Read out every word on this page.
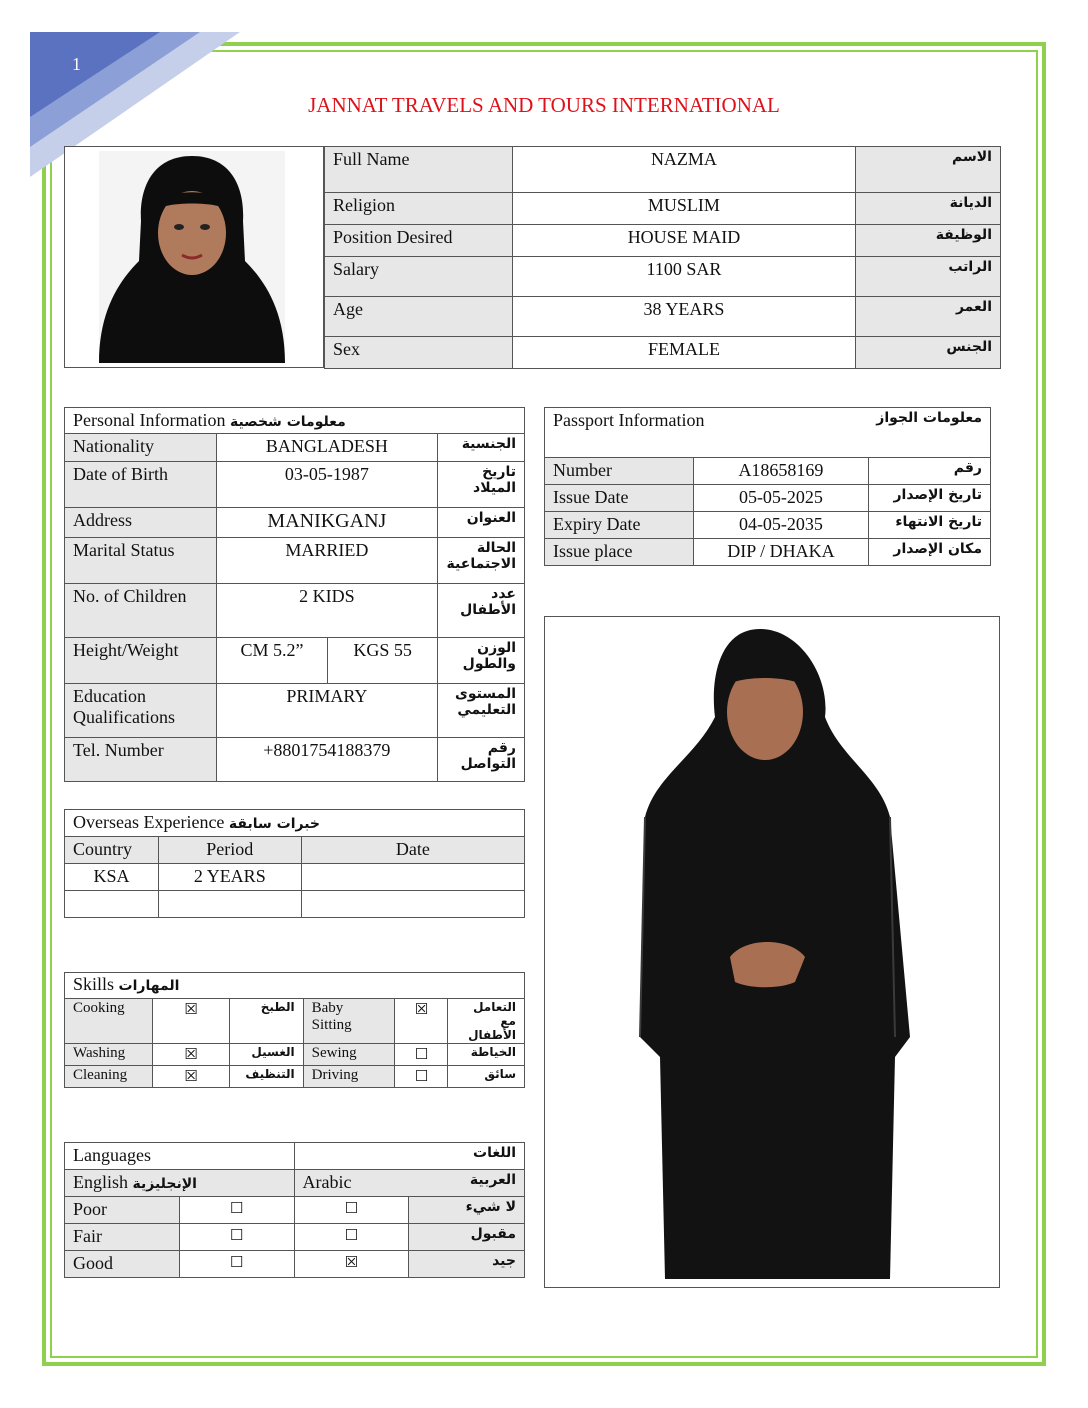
1
JANNAT TRAVELS AND TOURS INTERNATIONAL
Full Name	NAZMA	الاسم
Religion	MUSLIM	الديانة
Position Desired	HOUSE MAID	الوظيفة
Salary	1100 SAR	الراتب
Age	38 YEARS	العمر
Sex	FEMALE	الجنس
Personal Information معلومات شخصية			
Nationality	BANGLADESH		الجنسية
Date of Birth	03-05-1987		تاريخ الميلاد
Address	MANIKGANJ		العنوان
Marital Status	MARRIED		الحالة الاجتماعية
No. of Children	2 KIDS		عدد الأطفال
Height/Weight	CM 5.2”	KGS 55	الوزن والطول
Education Qualifications	PRIMARY		المستوى التعليمي
Tel. Number	+8801754188379		رقم التواصل
Passport Information معلومات الجواز		

Number	A18658169	رقم
Issue Date	05-05-2025	تاريخ الإصدار
Expiry Date	04-05-2035	تاريخ الانتهاء
Issue place	DIP / DHAKA	مكان الإصدار
Overseas Experience خبرات سابقة		
Country	Period	Date
KSA	2 YEARS	

Skills المهارات					
Cooking	☒	الطبخ	Baby Sitting	☒	التعامل مع الأطفال
Washing	☒	الغسيل	Sewing	☐	الخياطة
Cleaning	☒	التنظيف	Driving	☐	سائق
Languages		اللغات	
English الإنجليزية		Arabic العربية	

Poor	☐	☐	لا شيء
Fair	☐	☐	مقبول
Good	☐	☒	جيد
